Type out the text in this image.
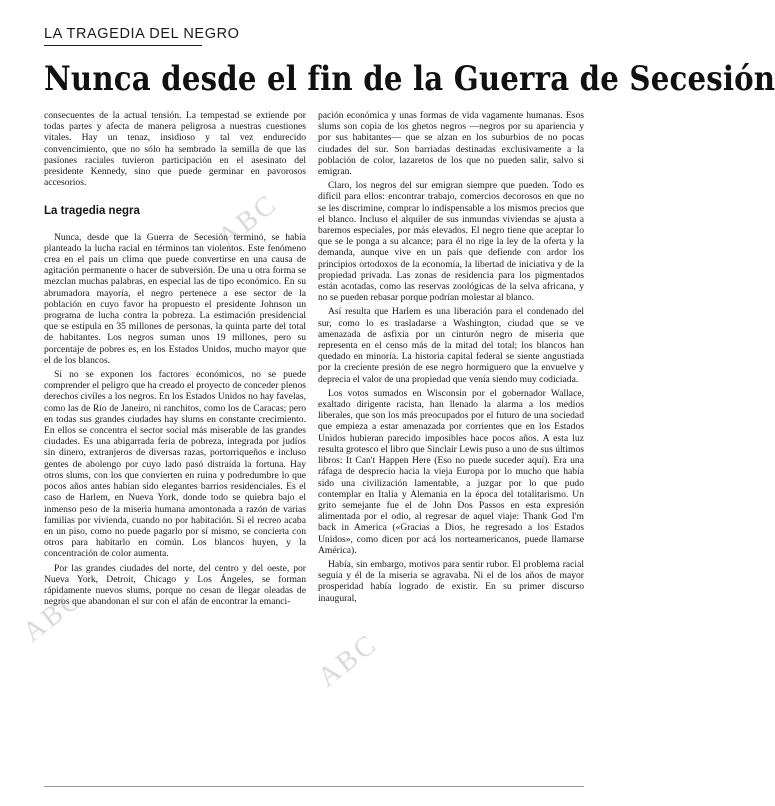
LA TRAGEDIA DEL NEGRO
Nunca desde el fin de la Guerra de Secesión

consecuentes de la actual tensión. La tempestad se extiende por todas partes y afecta de manera peligrosa a nuestras cuestiones vitales. Hay un tenaz, insidioso y tal vez endurecido convencimiento, que no sólo ha sembrado la semilla de que las pasiones raciales tuvieron participación en el asesinato del presidente Kennedy, sino que puede germinar en pavorosos accesorios.

La tragedia negra

Nunca, desde que la Guerra de Secesión terminó, se había planteado la lucha racial en términos tan violentos. Este fenómeno crea en el país un clima que puede convertirse en una causa de agitación permanente o hacer de subversión. De una u otra forma se mezclan muchas palabras, en especial las de tipo económico. En su abrumadora mayoría, el negro pertenece a ese sector de la población en cuyo favor ha propuesto el presidente Johnson un programa de lucha contra la pobreza. La estimación presidencial que se estipula en 35 millones de personas, la quinta parte del total de habitantes. Los negros suman unos 19 millones, pero su porcentaje de pobres es, en los Estados Unidos, mucho mayor que el de los blancos.

Si no se exponen los factores económicos, no se puede comprender el peligro que ha creado el proyecto de conceder plenos derechos civiles a los negros. En los Estados Unidos no hay favelas, como las de Río de Janeiro, ni ranchitos, como los de Caracas; pero en todas sus grandes ciudades hay slums en constante crecimiento. En ellos se concentra el sector social más miserable de las grandes ciudades. Es una abigarrada feria de pobreza, integrada por judíos sin dinero, extranjeros de diversas razas, portorriqueños e incluso gentes de abolengo por cuyo lado pasó distraída la fortuna. Hay otros slums, con los que convierten en ruina y podredumbre lo que pocos años antes habían sido elegantes barrios residenciales. Es el caso de Harlem, en Nueva York, donde todo se quiebra bajo el inmenso peso de la miseria humana amontonada a razón de varias familias por vivienda, cuando no por habitación. Si el recreo acaba en un piso, como no puede pagarlo por sí mismo, se concierta con otros para habitarlo en común. Los blancos huyen, y la concentración de color aumenta.

Por las grandes ciudades del norte, del centro y del oeste, por Nueva York, Detroit, Chicago y Los Ángeles, se forman rápidamente nuevos slums, porque no cesan de llegar oleadas de negros que abandonan el sur con el afán de encontrar la emanci-

pación económica y unas formas de vida vagamente humanas. Esos slums son copia de los ghetos negros —negros por su apariencia y por sus habitantes— que se alzan en los suburbios de no pocas ciudades del sur. Son barriadas destinadas exclusivamente a la población de color, lazaretos de los que no pueden salir, salvo si emigran.

Claro, los negros del sur emigran siempre que pueden. Todo es difícil para ellos: encontrar trabajo, comercios decorosos en que no se les discrimine, comprar lo indispensable a los mismos precios que el blanco. Incluso el alquiler de sus inmundas viviendas se ajusta a baremos especiales, por más elevados. El negro tiene que aceptar lo que se le ponga a su alcance; para él no rige la ley de la oferta y la demanda, aunque vive en un país que defiende con ardor los principios ortodoxos de la economía, la libertad de iniciativa y de la propiedad privada. Las zonas de residencia para los pigmentados están acotadas, como las reservas zoológicas de la selva africana, y no se pueden rebasar porque podrían molestar al blanco.

Así resulta que Harlem es una liberación para el condenado del sur, como lo es trasladarse a Washington, ciudad que se ve amenazada de asfixia por un cinturón negro de miseria que representa en el censo más de la mitad del total; los blancos han quedado en minoría. La historia capital federal se siente angustiada por la creciente presión de ese negro hormiguero que la envuelve y deprecia el valor de una propiedad que venía siendo muy codiciada.

Los votos sumados en Wisconsin por el gobernador Wallace, exaltado dirigente racista, han llenado la alarma a los medios liberales, que son los más preocupados por el futuro de una sociedad que empieza a estar amenazada por corrientes que en los Estados Unidos hubieran parecido imposibles hace pocos años. A esta luz resulta grotesco el libro que Sinclair Lewis puso a uno de sus últimos libros: It Can't Happen Here (Eso no puede suceder aquí). Era una ráfaga de desprecio hacia la vieja Europa por lo mucho que había sido una civilización lamentable, a juzgar por lo que pudo contemplar en Italia y Alemania en la época del totalitarismo. Un grito semejante fue el de John Dos Passos en esta expresión alimentada por el odio, al regresar de aquel viaje: Thank God I'm back in America («Gracias a Dios, he regresado a los Estados Unidos», como dicen por acá los norteamericanos, puede llamarse América).

Había, sin embargo, motivos para sentir rubor. El problema racial seguía y él de la miseria se agravaba. Ni el de los años de mayor prosperidad había logrado de existir. En su primer discurso inaugural,

ABC
ABC
ABC
